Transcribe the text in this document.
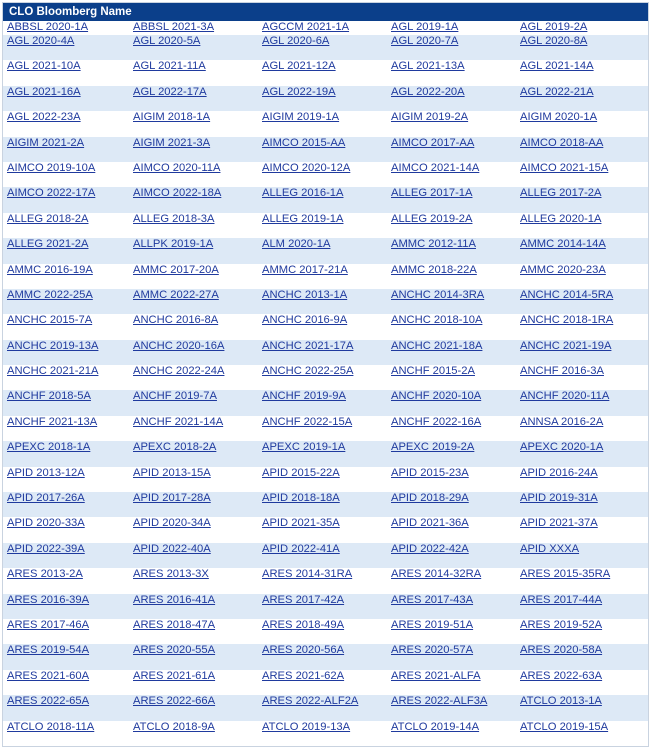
CLO Bloomberg Name
ABBSL 2020-1A	ABBSL 2021-3A	AGCCM 2021-1A	AGL 2019-1A	AGL 2019-2A
AGL 2020-4A	AGL 2020-5A	AGL 2020-6A	AGL 2020-7A	AGL 2020-8A
AGL 2021-10A	AGL 2021-11A	AGL 2021-12A	AGL 2021-13A	AGL 2021-14A
AGL 2021-16A	AGL 2022-17A	AGL 2022-19A	AGL 2022-20A	AGL 2022-21A
AGL 2022-23A	AIGIM 2018-1A	AIGIM 2019-1A	AIGIM 2019-2A	AIGIM 2020-1A
AIGIM 2021-2A	AIGIM 2021-3A	AIMCO 2015-AA	AIMCO 2017-AA	AIMCO 2018-AA
AIMCO 2019-10A	AIMCO 2020-11A	AIMCO 2020-12A	AIMCO 2021-14A	AIMCO 2021-15A
AIMCO 2022-17A	AIMCO 2022-18A	ALLEG 2016-1A	ALLEG 2017-1A	ALLEG 2017-2A
ALLEG 2018-2A	ALLEG 2018-3A	ALLEG 2019-1A	ALLEG 2019-2A	ALLEG 2020-1A
ALLEG 2021-2A	ALLPK 2019-1A	ALM 2020-1A	AMMC 2012-11A	AMMC 2014-14A
AMMC 2016-19A	AMMC 2017-20A	AMMC 2017-21A	AMMC 2018-22A	AMMC 2020-23A
AMMC 2022-25A	AMMC 2022-27A	ANCHC 2013-1A	ANCHC 2014-3RA	ANCHC 2014-5RA
ANCHC 2015-7A	ANCHC 2016-8A	ANCHC 2016-9A	ANCHC 2018-10A	ANCHC 2018-1RA
ANCHC 2019-13A	ANCHC 2020-16A	ANCHC 2021-17A	ANCHC 2021-18A	ANCHC 2021-19A
ANCHC 2021-21A	ANCHC 2022-24A	ANCHC 2022-25A	ANCHF 2015-2A	ANCHF 2016-3A
ANCHF 2018-5A	ANCHF 2019-7A	ANCHF 2019-9A	ANCHF 2020-10A	ANCHF 2020-11A
ANCHF 2021-13A	ANCHF 2021-14A	ANCHF 2022-15A	ANCHF 2022-16A	ANNSA 2016-2A
APEXC 2018-1A	APEXC 2018-2A	APEXC 2019-1A	APEXC 2019-2A	APEXC 2020-1A
APID 2013-12A	APID 2013-15A	APID 2015-22A	APID 2015-23A	APID 2016-24A
APID 2017-26A	APID 2017-28A	APID 2018-18A	APID 2018-29A	APID 2019-31A
APID 2020-33A	APID 2020-34A	APID 2021-35A	APID 2021-36A	APID 2021-37A
APID 2022-39A	APID 2022-40A	APID 2022-41A	APID 2022-42A	APID XXXA
ARES 2013-2A	ARES 2013-3X	ARES 2014-31RA	ARES 2014-32RA	ARES 2015-35RA
ARES 2016-39A	ARES 2016-41A	ARES 2017-42A	ARES 2017-43A	ARES 2017-44A
ARES 2017-46A	ARES 2018-47A	ARES 2018-49A	ARES 2019-51A	ARES 2019-52A
ARES 2019-54A	ARES 2020-55A	ARES 2020-56A	ARES 2020-57A	ARES 2020-58A
ARES 2021-60A	ARES 2021-61A	ARES 2021-62A	ARES 2021-ALFA	ARES 2022-63A
ARES 2022-65A	ARES 2022-66A	ARES 2022-ALF2A	ARES 2022-ALF3A	ATCLO 2013-1A
ATCLO 2018-11A	ATCLO 2018-9A	ATCLO 2019-13A	ATCLO 2019-14A	ATCLO 2019-15A
